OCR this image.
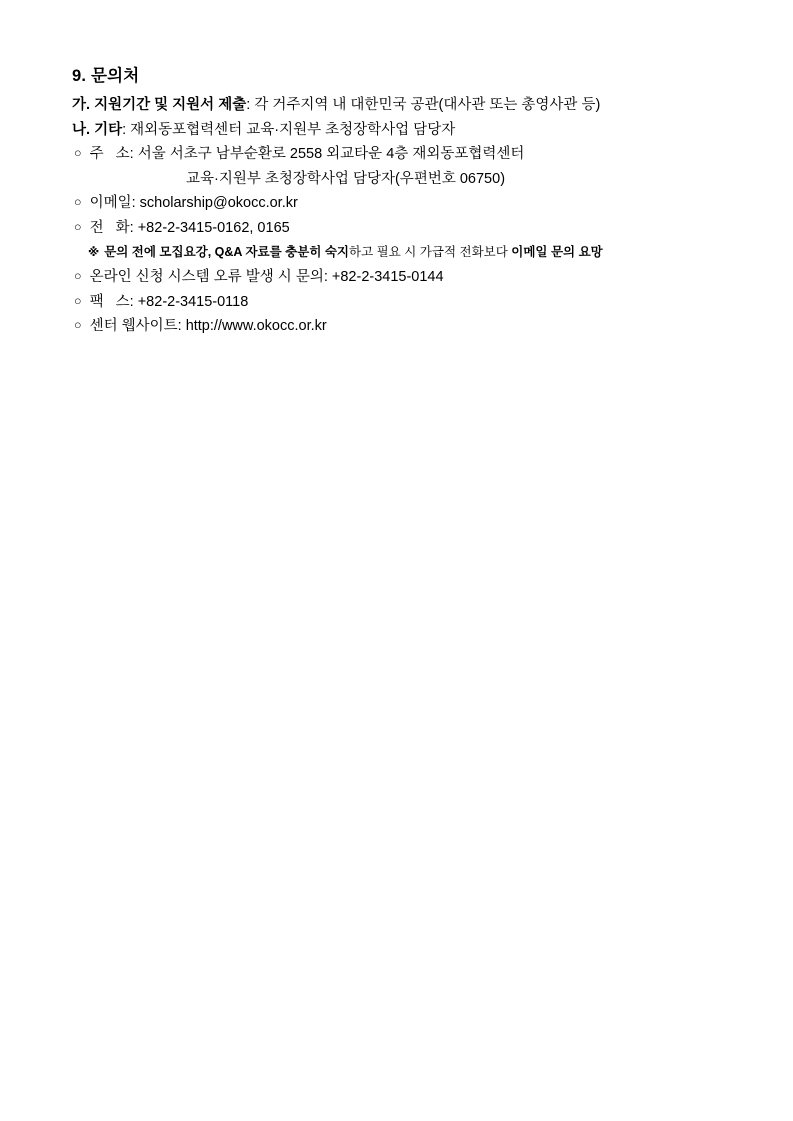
9. 문의처

가. 지원기간 및 지원서 제출: 각 거주지역 내 대한민국 공관(대사관 또는 총영사관 등)

나. 기타: 재외동포협력센터 교육·지원부 초청장학사업 담당자

○ 주   소: 서울 서초구 남부순환로 2558 외교타운 4층 재외동포협력센터

교육·지원부 초청장학사업 담당자(우편번호 06750)

○ 이메일: scholarship@okocc.or.kr
○ 전   화: +82-2-3415-0162, 0165
※ 문의 전에 모집요강, Q&A 자료를 충분히 숙지하고 필요 시 가급적 전화보다 이메일 문의 요망
○ 온라인 신청 시스템 오류 발생 시 문의: +82-2-3415-0144
○ 팩   스: +82-2-3415-0118
○ 센터 웹사이트: http://www.okocc.or.kr
